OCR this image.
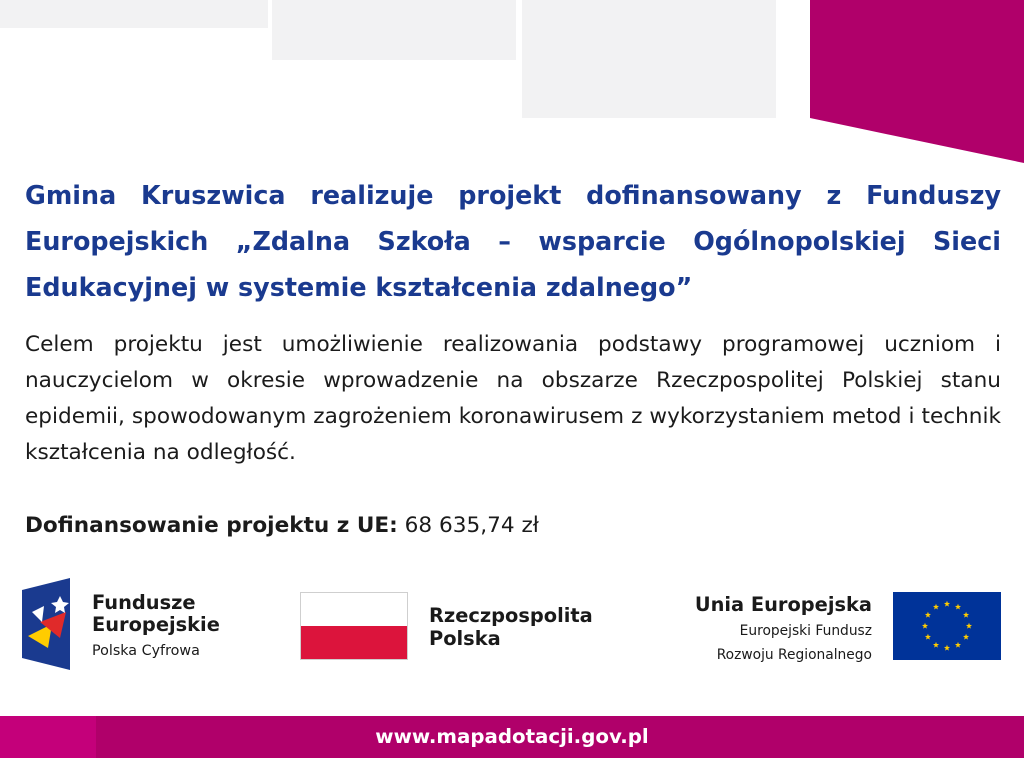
Gmina Kruszwica realizuje projekt dofinansowany z Funduszy Europejskich „Zdalna Szkoła – wsparcie Ogólnopolskiej Sieci Edukacyjnej w systemie kształcenia zdalnego”
Celem projektu jest umożliwienie realizowania podstawy programowej uczniom i nauczycielom w okresie wprowadzenie na obszarze Rzeczpospolitej Polskiej stanu epidemii, spowodowanym zagrożeniem koronawirusem z wykorzystaniem metod i technik kształcenia na odległość.
Dofinansowanie projektu z UE: 68 635,74 zł
Fundusze
Europejskie
Polska Cyfrowa
Rzeczpospolita
Polska
Unia Europejska
Europejski Fundusz
Rozwoju Regionalnego
www.mapadotacji.gov.pl
